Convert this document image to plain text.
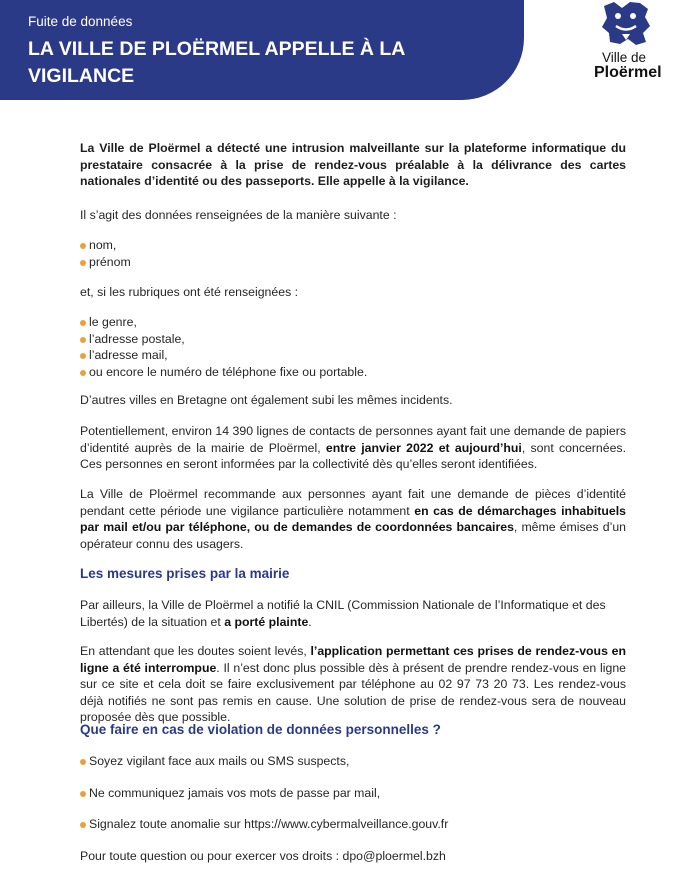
Fuite de données
LA VILLE DE PLOËRMEL APPELLE À LA VIGILANCE
Ville de
Ploërmel

La Ville de Ploërmel a détecté une intrusion malveillante sur la plateforme informatique du prestataire consacrée à la prise de rendez-vous préalable à la délivrance des cartes nationales d’identité ou des passeports. Elle appelle à la vigilance.

Il s’agit des données renseignées de la manière suivante :

nom,
prénom

et, si les rubriques ont été renseignées :

le genre,
l’adresse postale,
l’adresse mail,
ou encore le numéro de téléphone fixe ou portable.

D’autres villes en Bretagne ont également subi les mêmes incidents.

Potentiellement, environ 14 390 lignes de contacts de personnes ayant fait une demande de papiers d’identité auprès de la mairie de Ploërmel, entre janvier 2022 et aujourd’hui, sont concernées. Ces personnes en seront informées par la collectivité dès qu’elles seront identifiées.

La Ville de Ploërmel recommande aux personnes ayant fait une demande de pièces d’identité pendant cette période une vigilance particulière notamment en cas de démarchages inhabituels par mail et/ou par téléphone, ou de demandes de coordonnées bancaires, même émises d’un opérateur connu des usagers.

Les mesures prises par la mairie

Par ailleurs, la Ville de Ploërmel a notifié la CNIL (Commission Nationale de l’Informatique et des Libertés) de la situation et a porté plainte.

En attendant que les doutes soient levés, l’application permettant ces prises de rendez-vous en ligne a été interrompue. Il n’est donc plus possible dès à présent de prendre rendez-vous en ligne sur ce site et cela doit se faire exclusivement par téléphone au 02 97 73 20 73. Les rendez-vous déjà notifiés ne sont pas remis en cause. Une solution de prise de rendez-vous sera de nouveau proposée dès que possible.

Que faire en cas de violation de données personnelles ?
Soyez vigilant face aux mails ou SMS suspects,
Ne communiquez jamais vos mots de passe par mail,
Signalez toute anomalie sur https://www.cybermalveillance.gouv.fr

Pour toute question ou pour exercer vos droits : dpo@ploermel.bzh
